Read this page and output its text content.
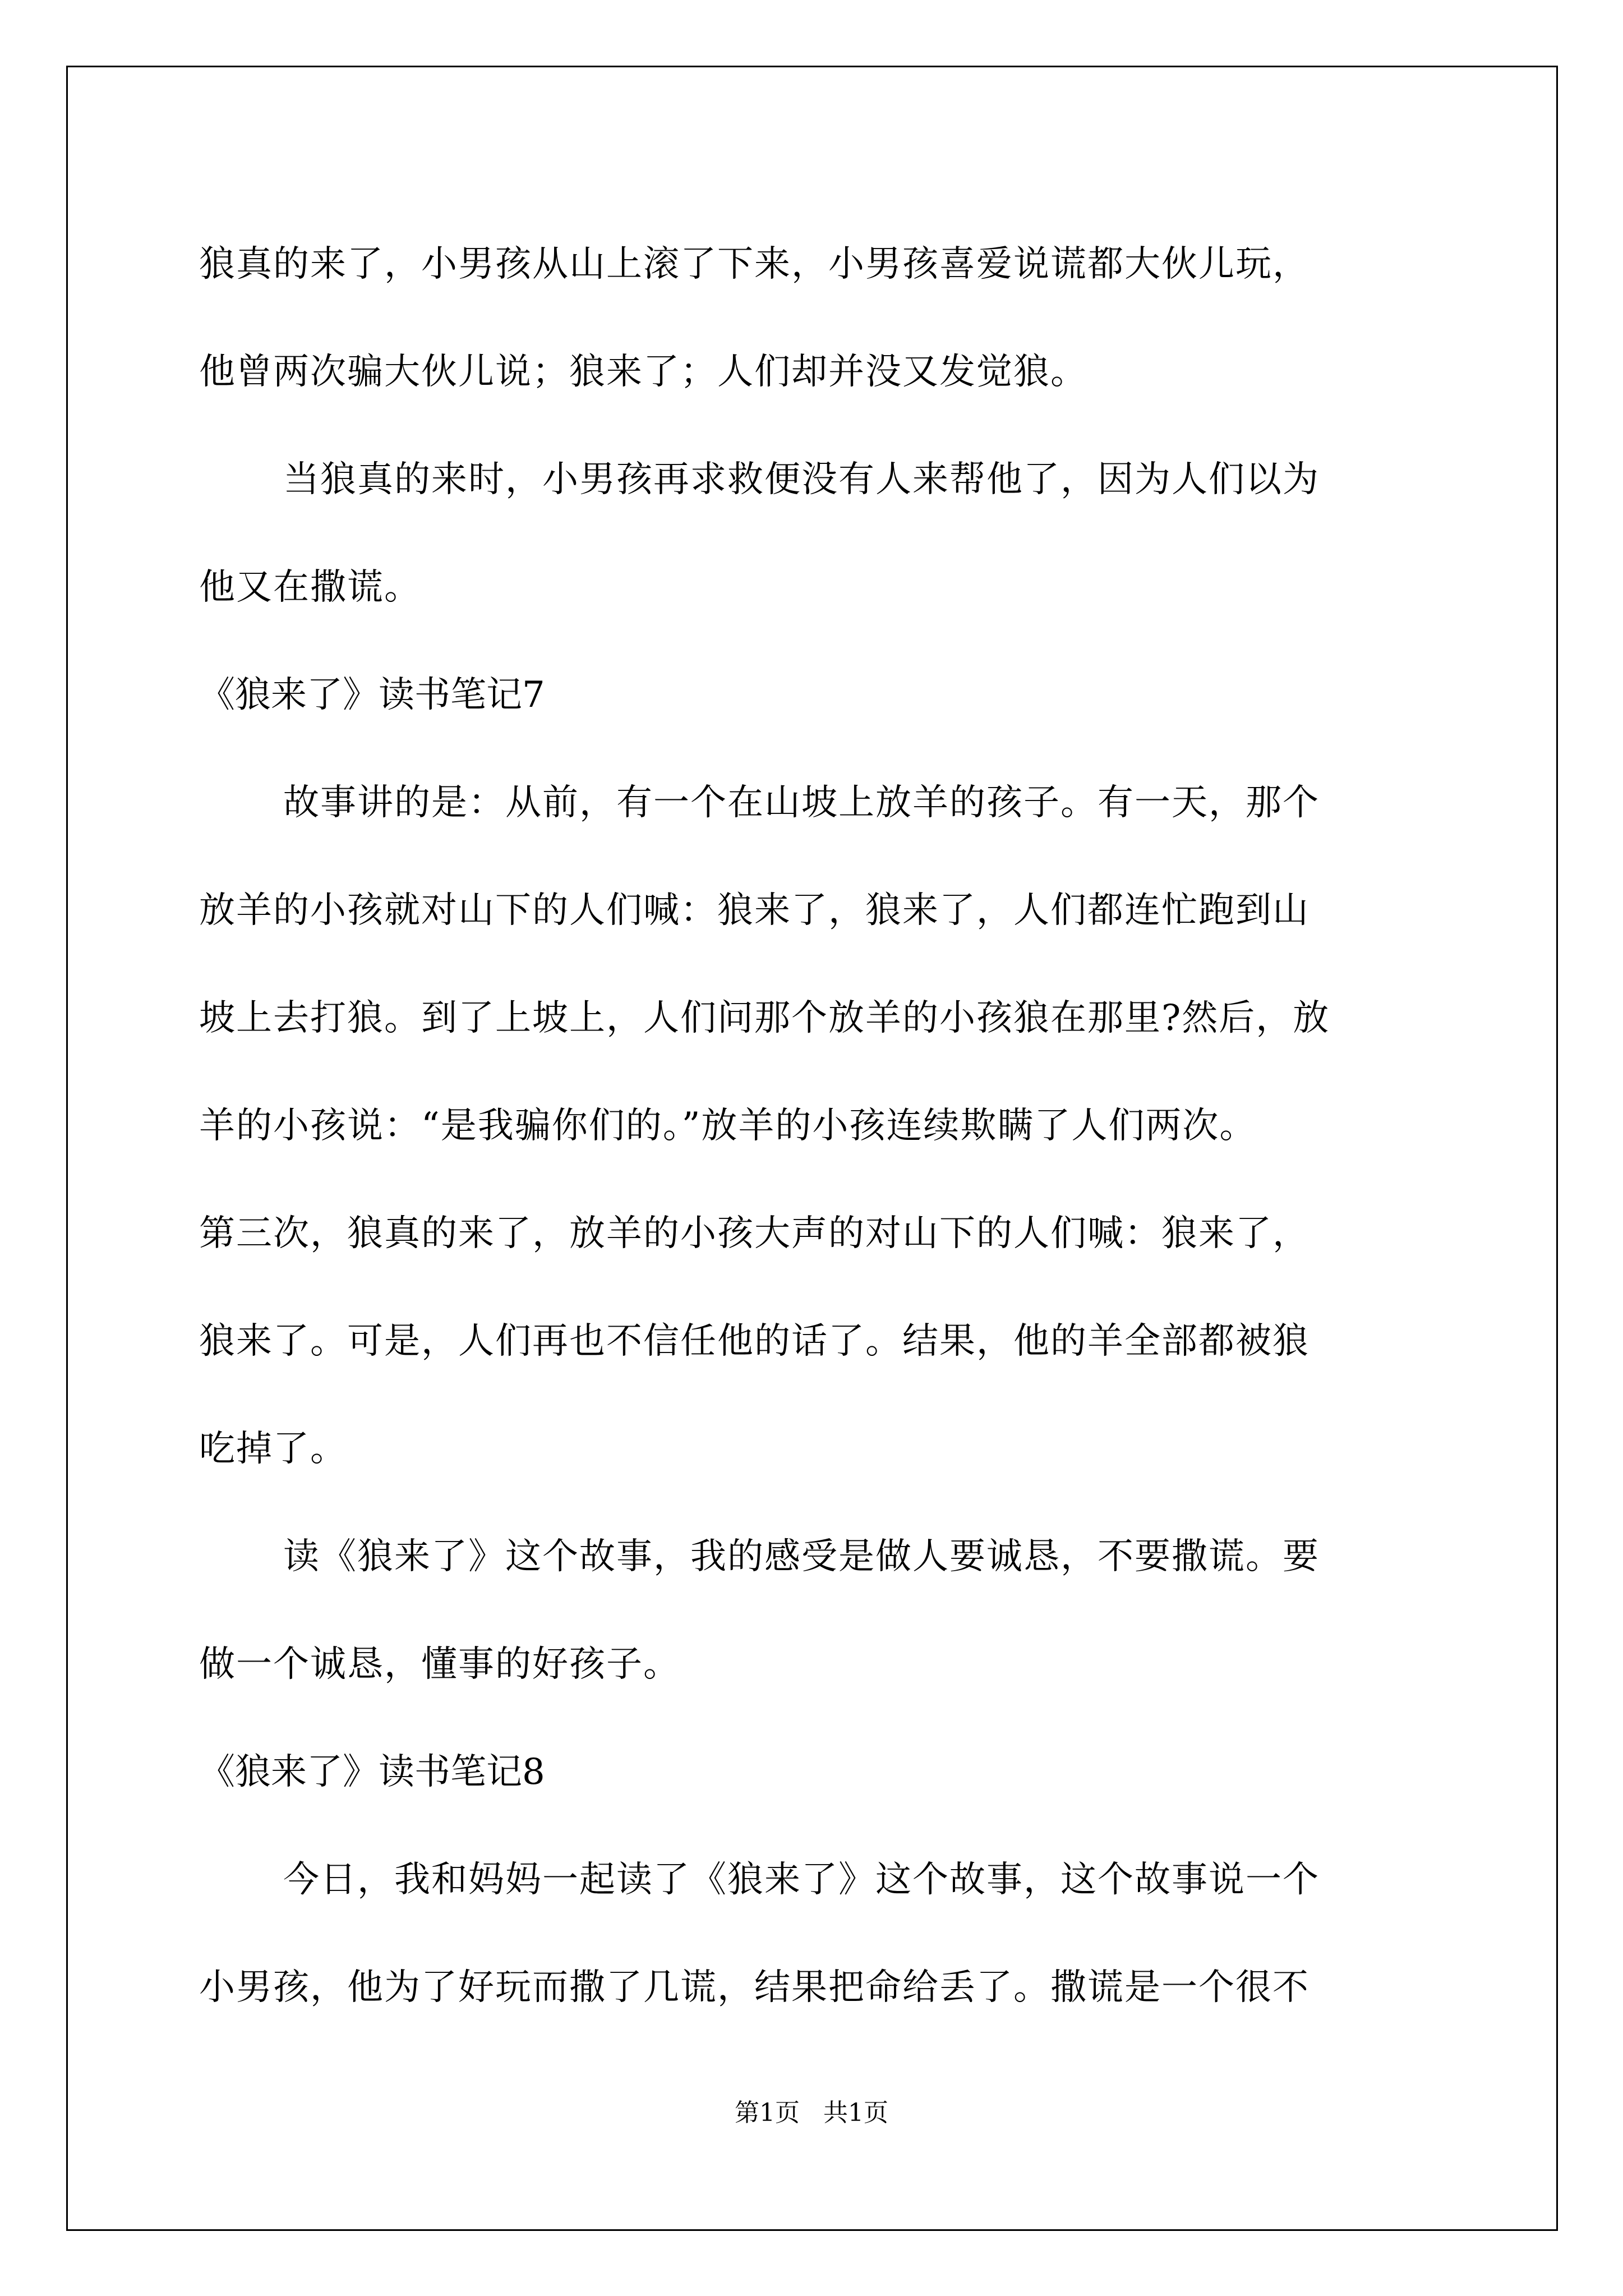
狼真的来了，小男孩从山上滚了下来，小男孩喜爱说谎都大伙儿玩，
他曾两次骗大伙儿说；狼来了；人们却并没又发觉狼。
当狼真的来时，小男孩再求救便没有人来帮他了，因为人们以为
他又在撒谎。
《狼来了》读书笔记7
故事讲的是：从前，有一个在山坡上放羊的孩子。有一天，那个
放羊的小孩就对山下的人们喊：狼来了，狼来了，人们都连忙跑到山
坡上去打狼。到了上坡上，人们问那个放羊的小孩狼在那里?然后，放
羊的小孩说：“是我骗你们的。”放羊的小孩连续欺瞒了人们两次。
第三次，狼真的来了，放羊的小孩大声的对山下的人们喊：狼来了，
狼来了。可是，人们再也不信任他的话了。结果，他的羊全部都被狼
吃掉了。
读《狼来了》这个故事，我的感受是做人要诚恳，不要撒谎。要
做一个诚恳，懂事的好孩子。
《狼来了》读书笔记8
今日，我和妈妈一起读了《狼来了》这个故事，这个故事说一个
小男孩，他为了好玩而撒了几谎，结果把命给丢了。撒谎是一个很不
第1页   共1页
